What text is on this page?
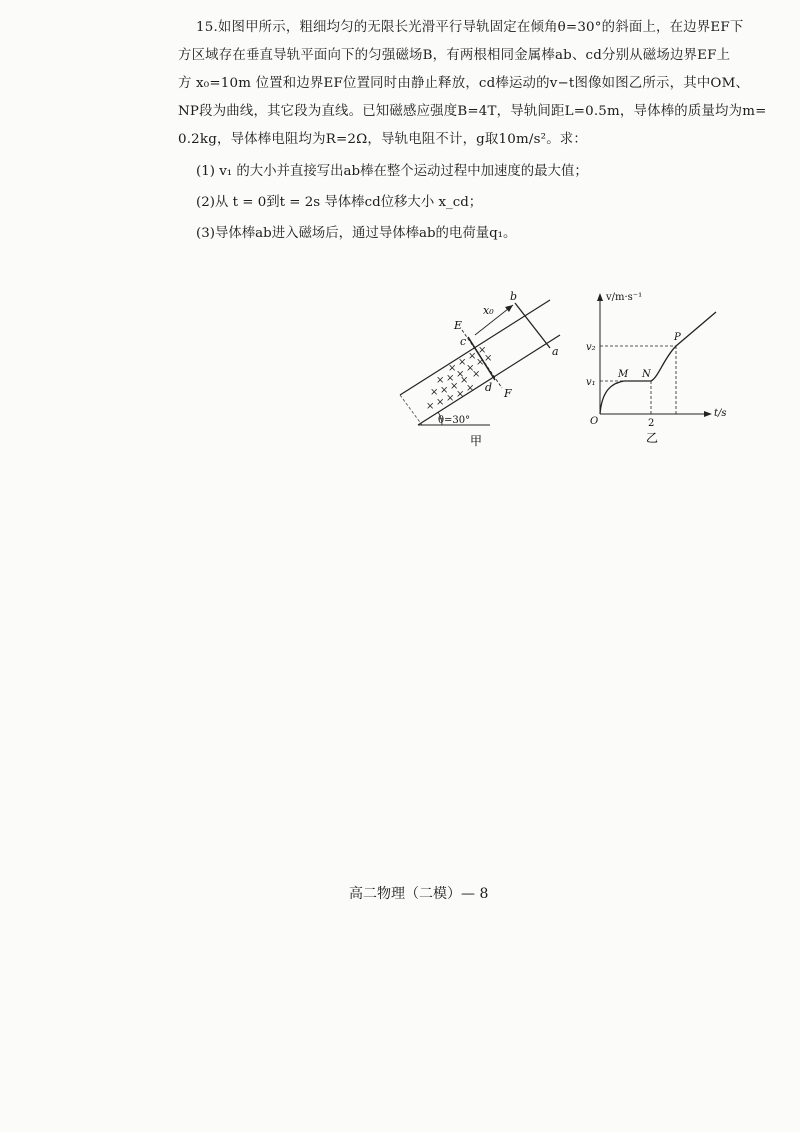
15.如图甲所示，粗细均匀的无限长光滑平行导轨固定在倾角θ=30°的斜面上，在边界EF下

方区域存在垂直导轨平面向下的匀强磁场B，有两根相同金属棒ab、cd分别从磁场边界EF上

方 x₀=10m 位置和边界EF位置同时由静止释放，cd棒运动的v−t图像如图乙所示，其中OM、

NP段为曲线，其它段为直线。已知磁感应强度B=4T，导轨间距L=0.5m，导体棒的质量均为m=

0.2kg，导体棒电阻均为R=2Ω，导轨电阻不计，g取10m/s²。求：

(1) v₁ 的大小并直接写出ab棒在整个运动过程中加速度的最大值；

(2)从 t = 0到t = 2s 导体棒cd位移大小 x_cd；

(3)导体棒ab进入磁场后，通过导体棒ab的电荷量q₁。

×
×
×
×
× × ×
×
× ×
× × ×
×
×
× × × ×
×
E
F
a
b
c
d
x₀
θ=30°
甲
v/m·s⁻¹
t/s
O	2
v₁
v₂
M N
P
乙

高二物理（二模）— 8
